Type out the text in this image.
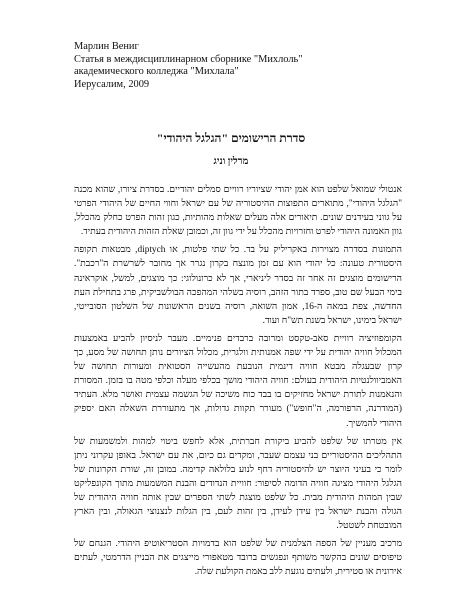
Марлин Вениг
Статья в междисциплинарном сборнике "Михлоль"
академического колледжа "Михлала"
Иерусалим, 2009
סדרת הרישומים "הגלגל היהודי"
מרלין וניג

אנטולי שמואל שלפט הוא אמן יהודי שציוריו רוויים סמלים יהודיים. בסדרת ציורו, שהוא מכנה "הגלגל היהודי", מתוארים התפוצות ההיסטוריה של עם ישראל וחווי החיים של היהודי הפרטי על גווני בעידנים שונים. תיאורים אלה מעלים שאלות מהותיות, כגון זהות הפרט כחלק מהכלל, גוון האמונה היהודי לפרט וחזרויות מהכלל על ידי גוון זה, וכמובן שאלת הזהות היהודית בעתיד.

התמונות בסדרה מצוירות באקריליק על בד. כל שתי פלטות, או diptych, מבטאות תקופה היסטורית טעונה: כל יהודי הוא עם זמן מונצח בקרון נגרר אך מחובר לשרשרת ה"רכבת". הרישומים מוצגים זה אחר זה בסדר ליניארי, אך לא כרונולוגי: כך מוצגים, למשל, אוקראינה בימי הבעל שם טוב, ספרד בתור הזהב, רוסיה בשלהי המהפכה הבולשביקית, פרג בתחילת העת החדשה, צפת במאה ה-16, אמון השואה, רוסיה בשנים הראשונות של השלטון הסובייטי, ישראל בימינו, ישראל בשנת תש"ח ועוד.

הקומפוזיציה רוויית סאב-טקסט ומרובה ברבדים פנימיים. מעבר לניסיון להביע באמצעות המכלול חוויה יהודית על ידי שפה אמנותית וולגרית, מכלול הציורים נותן תחושה של מסע, כך קרון שבעגלה מבטא חוויה דינמית הנובעת מהעשייה הסטואית ומעורות תחושה של האמביוולנטיות היהודית בעולם: חוויה היהודי מושך בכלפי מעלה וכלפי מטה בו בזמן. המסורת והנאמנות לתורת ישראל מחזיקים בו בבד כוח משיכה של הגשמה עצמית ואושר מלא. העתיד (המודרנה, הרפורמה, ה"חופש") מעורר תקוות גדולות, אך מתעוררת השאלה האם יספיק היהודי להמשיך.

אין מטרתו של שלפט להביע ביקורת חברתית, אלא לחפש ביטוי למהות ולמשמעות של התהליכים ההיסטוריים בני עצמם שעבר, ומקדים גם כיום, את עם ישראל. באופן עקרוני ניתן לומר כי בעיני היוצר יש להיסטוריה דחף לנוע בלולאה קדימה. במובן זה, שורת הקרונות של הגלגל היהודי מציגה חוויה הדומה לסיפור: חוויית הנדודים והבנת המשמעות מתוך הקונפליקט שבין המהות היהודית מבית. כל שלפט מוצגת לשתי הספרים שבין אותה חוויה היהודית של הגולה והבנת ישראל בין עידן לעידן, בין זהות לעם, בין הגלות לנצנוצי הגאולה, ובין הארץ המובטחת לשטטל.

מרכיב מעניין של הספה הצלמנית של שלפט הוא בדמויות הסטריאוטיפ היהודי. הגנחם של טיפוסים שונים בהקשר משותף ונפגשים ברובד מטאפורי מייצגים את הבניין הדרמטי, לעתים אירונית או סטירית, ולעתים נוגעת ללב באמת הקולעת שלה.
